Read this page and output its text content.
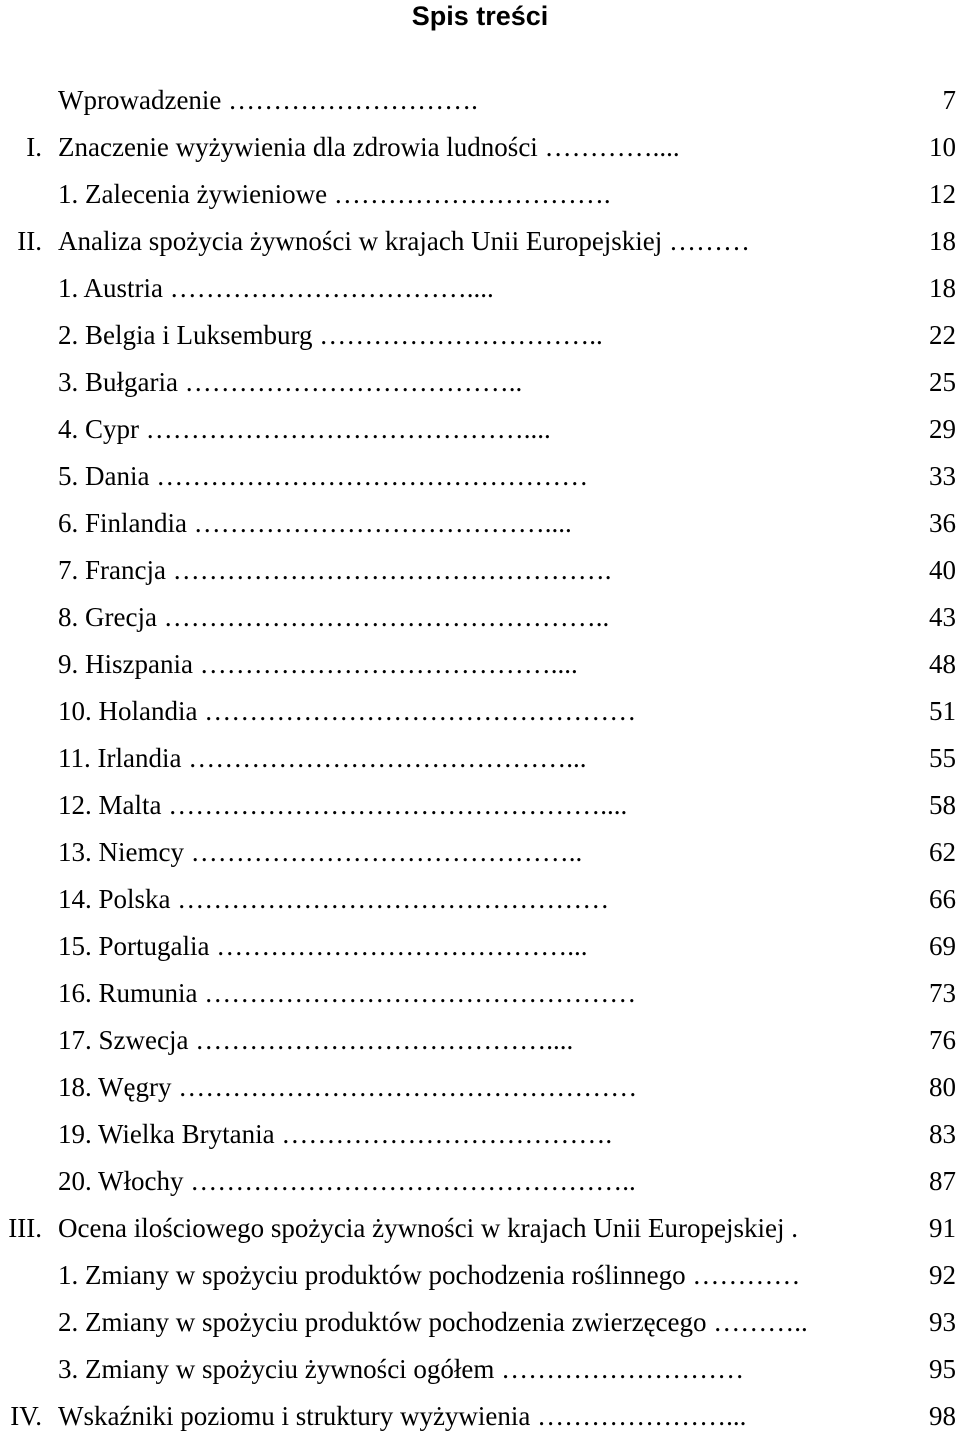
Spis treści
Wprowadzenie ……………………….	7
I. Znaczenie wyżywienia dla zdrowia ludności …………....	10
1. Zalecenia żywieniowe ………………………….	12
II. Analiza spożycia żywności w krajach Unii Europejskiej ………	18
1. Austria ……………………………....	18
2. Belgia i Luksemburg …………………………..	22
3. Bułgaria ………………………………..	25
4. Cypr ……………………………………....	29
5. Dania …………………………………………	33
6. Finlandia …………………………………....	36
7. Francja ………………………………………….	40
8. Grecja …………………………………………..	43
9. Hiszpania …………………………………....	48
10. Holandia …………………………………………	51
11. Irlandia ……………………………………...	55
12. Malta …………………………………………....	58
13. Niemcy ……………………………………..	62
14. Polska …………………………………………	66
15. Portugalia …………………………………...	69
16. Rumunia …………………………………………	73
17. Szwecja …………………………………....	76
18. Węgry ……………………………………………	80
19. Wielka Brytania ……………………………….	83
20. Włochy …………………………………………..	87
III. Ocena ilościowego spożycia żywności w krajach Unii Europejskiej .	91
1. Zmiany w spożyciu produktów pochodzenia roślinnego …………	92
2. Zmiany w spożyciu produktów pochodzenia zwierzęcego ………..	93
3. Zmiany w spożyciu żywności ogółem ………………………	95
IV. Wskaźniki poziomu i struktury wyżywienia …………………...	98
